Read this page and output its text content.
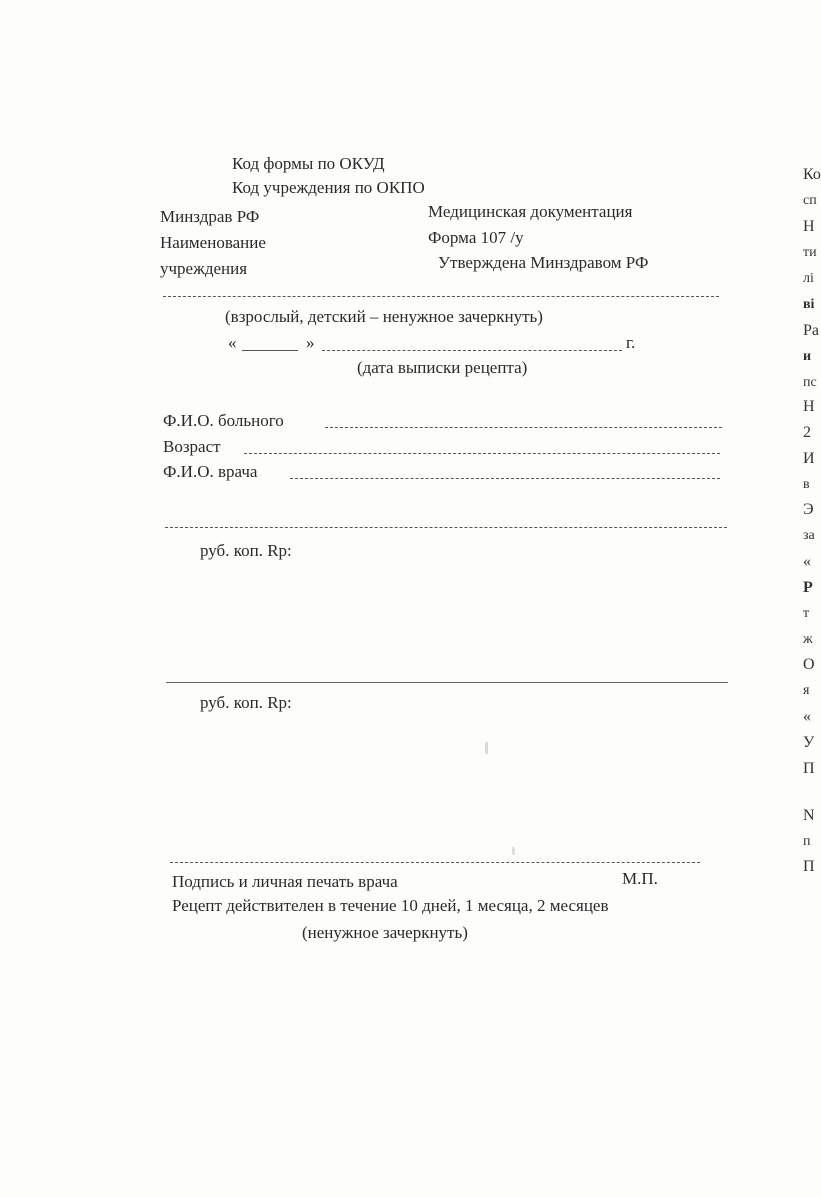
Код формы по ОКУД
Код учреждения по ОКПО
Минздрав РФ
Наименование
учреждения
Медицинская документация
Форма 107 /у
Утверждена Минздравом РФ
(взрослый, детский – ненужное зачеркнуть)
«	»	г.
(дата выписки рецепта)
Ф.И.О. больного
Возраст
Ф.И.О. врача
руб. коп. Rp:
руб. коп. Rp:
Подпись и личная печать врача	М.П.
Рецепт действителен в течение 10 дней, 1 месяца, 2 месяцев
(ненужное зачеркнуть)
Ко
сп
Н
ти
лі
ві
Ра
и
пс
Н
2
И
в
Э
за
«
Р
т
ж
О
я
«
У
П
N
п
П
